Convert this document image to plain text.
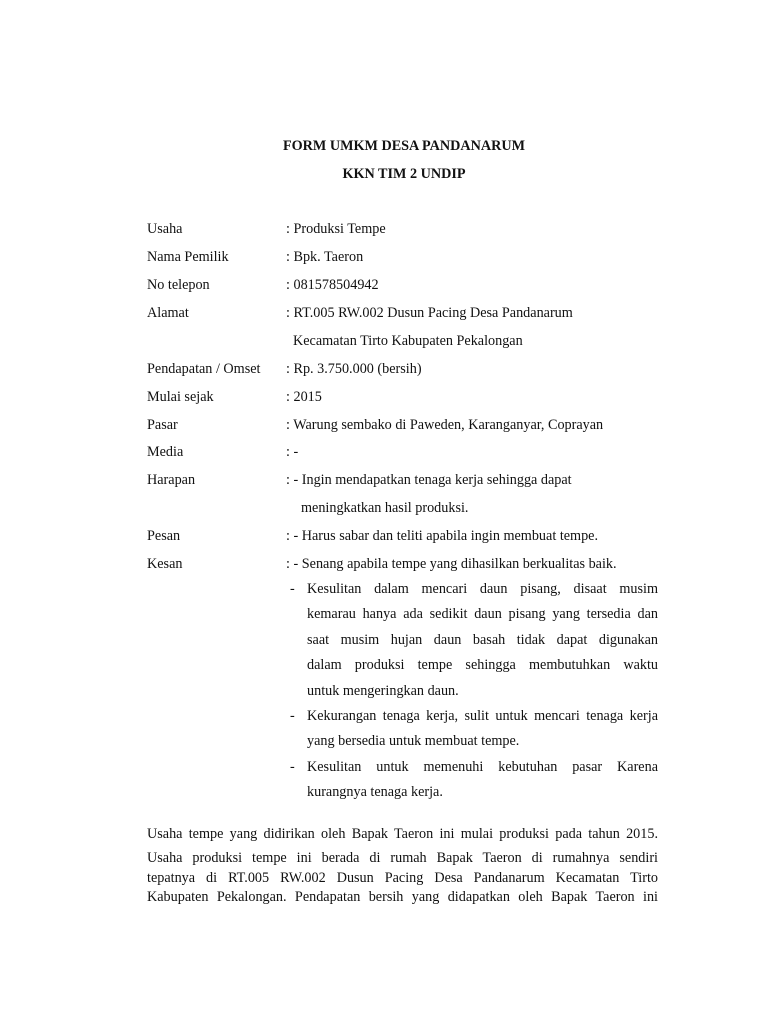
FORM UMKM DESA PANDANARUM
KKN TIM 2 UNDIP
Usaha	: Produksi Tempe
Nama Pemilik	: Bpk. Taeron
No telepon	: 081578504942
Alamat	: RT.005 RW.002 Dusun Pacing Desa Pandanarum
Kecamatan Tirto Kabupaten Pekalongan
Pendapatan / Omset : Rp. 3.750.000 (bersih)
Mulai sejak	: 2015
Pasar	: Warung sembako di Paweden, Karanganyar, Coprayan
Media	: -
Harapan	: - Ingin mendapatkan tenaga kerja sehingga dapat
meningkatkan hasil produksi.
Pesan	: - Harus sabar dan teliti apabila ingin membuat tempe.
Kesan	: - Senang apabila tempe yang dihasilkan berkualitas baik.
- Kesulitan dalam mencari daun pisang, disaat musim
kemarau hanya ada sedikit daun pisang yang tersedia dan
saat musim hujan daun basah tidak dapat digunakan
dalam produksi tempe sehingga membutuhkan waktu
untuk mengeringkan daun.
- Kekurangan tenaga kerja, sulit untuk mencari tenaga kerja
yang bersedia untuk membuat tempe.
- Kesulitan untuk memenuhi kebutuhan pasar Karena
kurangnya tenaga kerja.
Usaha tempe yang didirikan oleh Bapak Taeron ini mulai produksi pada tahun 2015.
Usaha produksi tempe ini berada di rumah Bapak Taeron di rumahnya sendiri
tepatnya di RT.005 RW.002 Dusun Pacing Desa Pandanarum Kecamatan Tirto
Kabupaten Pekalongan. Pendapatan bersih yang didapatkan oleh Bapak Taeron ini
